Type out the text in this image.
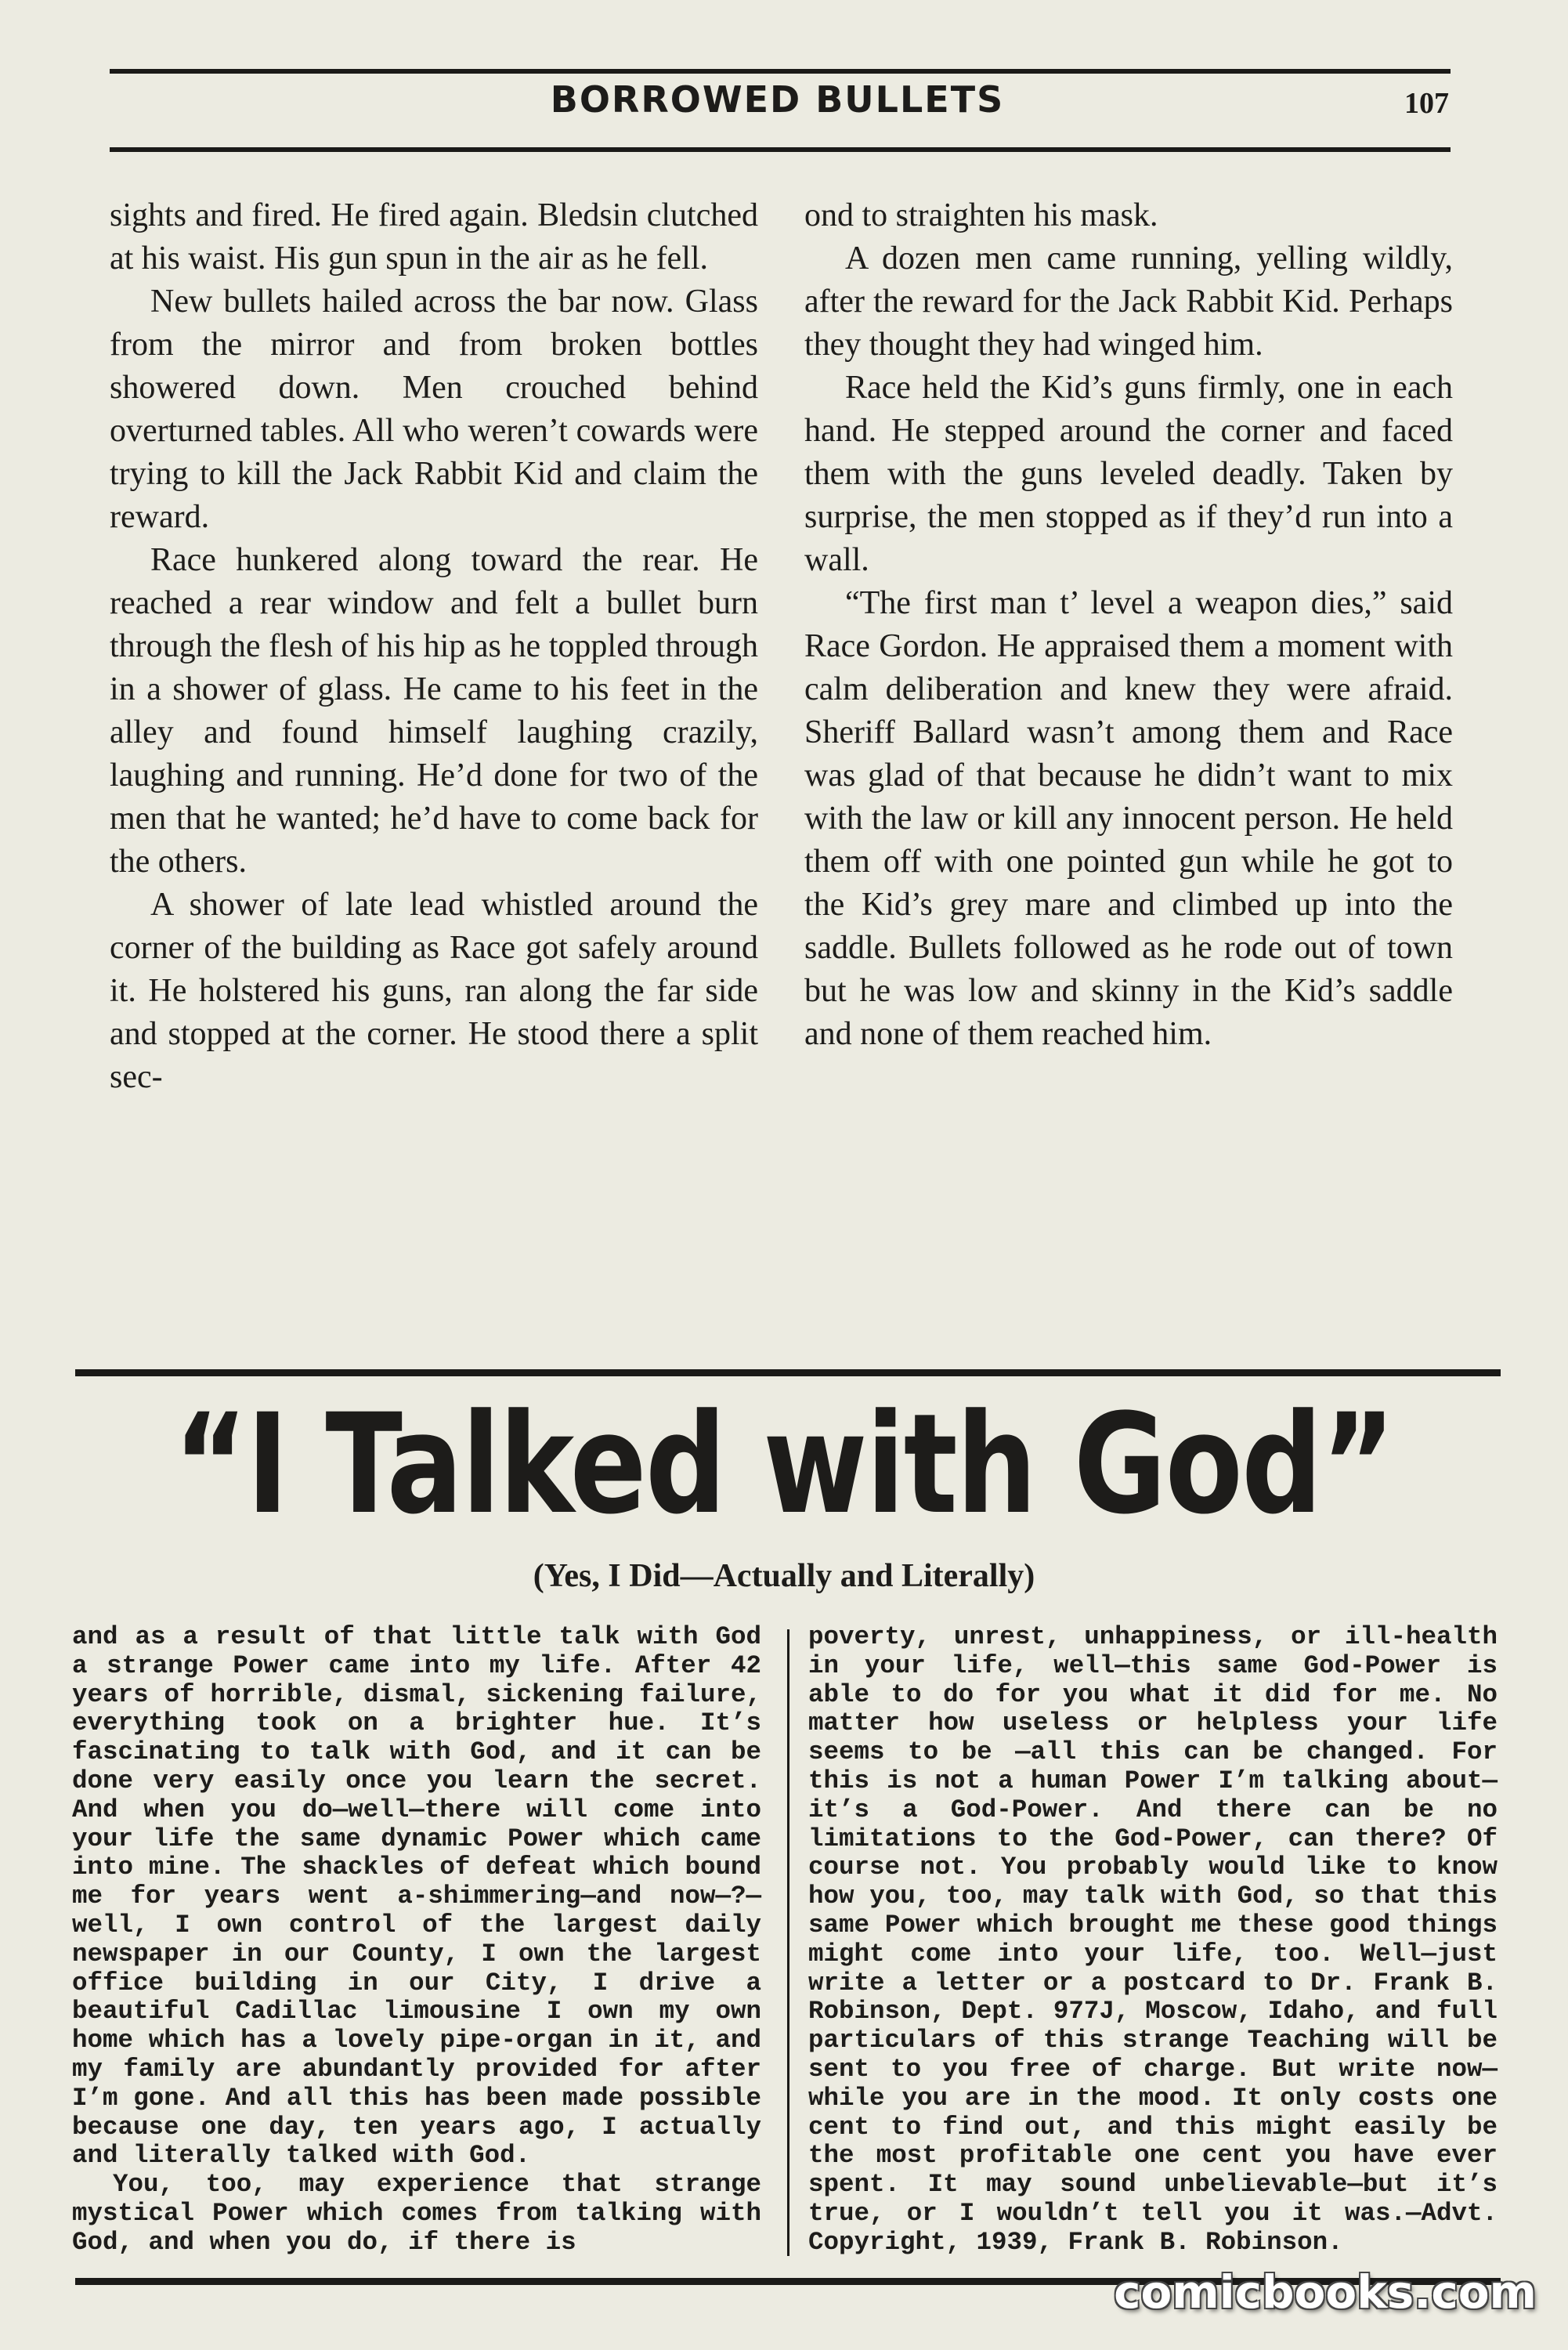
BORROWED BULLETS	107

sights and fired. He fired again. Bledsin clutched at his waist. His gun spun in the air as he fell.

New bullets hailed across the bar now. Glass from the mirror and from broken bottles showered down. Men crouched behind overturned tables. All who weren’t cowards were trying to kill the Jack Rabbit Kid and claim the reward.

Race hunkered along toward the rear. He reached a rear window and felt a bullet burn through the flesh of his hip as he toppled through in a shower of glass. He came to his feet in the alley and found himself laughing crazily, laughing and running. He’d done for two of the men that he wanted; he’d have to come back for the others.

A shower of late lead whistled around the corner of the building as Race got safely around it. He holstered his guns, ran along the far side and stopped at the corner. He stood there a split sec-

ond to straighten his mask.

A dozen men came running, yelling wildly, after the reward for the Jack Rabbit Kid. Perhaps they thought they had winged him.

Race held the Kid’s guns firmly, one in each hand. He stepped around the corner and faced them with the guns leveled deadly. Taken by surprise, the men stopped as if they’d run into a wall.

“The first man t’ level a weapon dies,” said Race Gordon. He appraised them a moment with calm deliberation and knew they were afraid. Sheriff Ballard wasn’t among them and Race was glad of that because he didn’t want to mix with the law or kill any innocent person. He held them off with one pointed gun while he got to the Kid’s grey mare and climbed up into the saddle. Bullets followed as he rode out of town but he was low and skinny in the Kid’s saddle and none of them reached him.

“I Talked with God”
(Yes, I Did—Actually and Literally)

and as a result of that little talk with God a strange Power came into my life. After 42 years of horrible, dismal, sickening failure, everything took on a brighter hue. It’s fascinating to talk with God, and it can be done very easily once you learn the secret. And when you do—well—there will come into your life the same dynamic Power which came into mine. The shackles of defeat which bound me for years went a-shimmering—and now—?—well, I own control of the largest daily newspaper in our County, I own the largest office building in our City, I drive a beautiful Cadillac limousine I own my own home which has a lovely pipe-organ in it, and my family are abundantly provided for after I’m gone. And all this has been made possible because one day, ten years ago, I actually and literally talked with God.

You, too, may experience that strange mystical Power which comes from talking with God, and when you do, if there is

poverty, unrest, unhappiness, or ill-health in your life, well—this same God-Power is able to do for you what it did for me. No matter how useless or helpless your life seems to be —all this can be changed. For this is not a human Power I’m talking about—it’s a God-Power. And there can be no limitations to the God-Power, can there? Of course not. You probably would like to know how you, too, may talk with God, so that this same Power which brought me these good things might come into your life, too. Well—just write a letter or a postcard to Dr. Frank B. Robinson, Dept. 977J, Moscow, Idaho, and full particulars of this strange Teaching will be sent to you free of charge. But write now—while you are in the mood. It only costs one cent to find out, and this might easily be the most profitable one cent you have ever spent. It may sound unbelievable—but it’s true, or I wouldn’t tell you it was.—Advt. Copyright, 1939, Frank B. Robinson.

comicbooks.com
